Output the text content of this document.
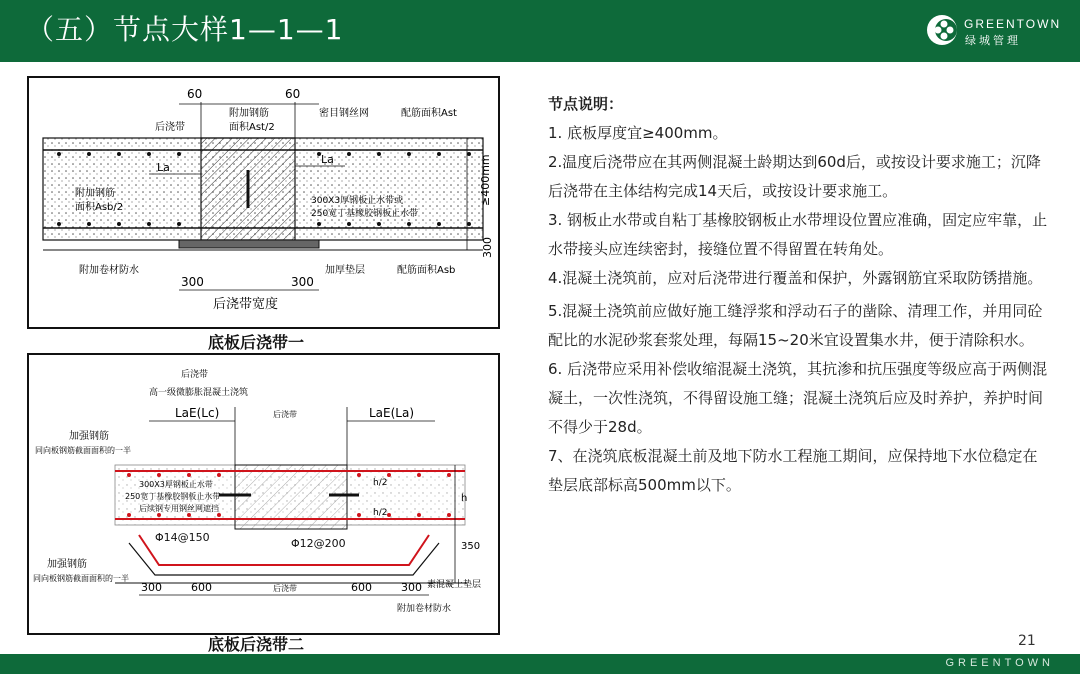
（五）节点大样1—1—1	GREENTOWN
绿城管理
60	60
后浇带
附加钢筋
面积Ast/2
密目钢丝网	配筋面积Ast
La
La
附加钢筋
面积Asb/2
300X3厚钢板止水带或
250宽丁基橡胶钢板止水带
≥400mm
300
附加卷材防水	加厚垫层	配筋面积Asb
300	300
后浇带宽度
底板后浇带一
后浇带
高一级微膨胀混凝土浇筑
LaE(Lc)	后浇带	LaE(La)
加强钢筋
同向板钢筋截面面积的一半
300X3厚钢板止水带
250宽丁基橡胶钢板止水带
后续钢专用钢丝网遮挡
h
h/2
h/2
350
Φ14@150	Φ12@200
加强钢筋
同向板钢筋截面面积的一半
300	600	后浇带	600	300 素混凝土垫层
附加卷材防水
底板后浇带二

节点说明：

1. 底板厚度宜≥400mm。

2.温度后浇带应在其两侧混凝土龄期达到60d后，或按设计要求施工；沉降后浇带在主体结构完成14天后，或按设计要求施工。

3. 钢板止水带或自粘丁基橡胶钢板止水带埋设位置应准确，固定应牢靠，止水带接头应连续密封，接缝位置不得留置在转角处。

4.混凝土浇筑前，应对后浇带进行覆盖和保护，外露钢筋宜采取防锈措施。

5.混凝土浇筑前应做好施工缝浮浆和浮动石子的凿除、清理工作，并用同砼配比的水泥砂浆套浆处理，每隔15~20米宜设置集水井，便于清除积水。

6. 后浇带应采用补偿收缩混凝土浇筑，其抗渗和抗压强度等级应高于两侧混凝土，一次性浇筑，不得留设施工缝；混凝土浇筑后应及时养护，养护时间不得少于28d。

7、在浇筑底板混凝土前及地下防水工程施工期间，应保持地下水位稳定在垫层底部标高500mm以下。

21
GREENTOWN
